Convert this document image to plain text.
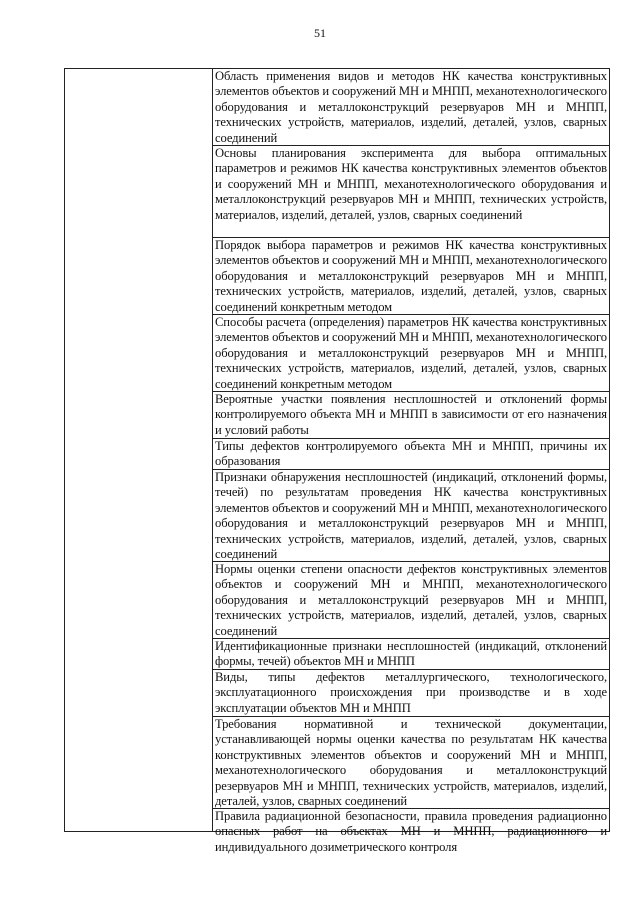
51
Область применения видов и методов НК качества конструктивных элементов объектов и сооружений МН и МНПП, механотехнологического оборудования и металлоконструкций резервуаров МН и МНПП, технических устройств, материалов, изделий, деталей, узлов, сварных соединений
Основы планирования эксперимента для выбора оптимальных параметров и режимов НК качества конструктивных элементов объектов и сооружений МН и МНПП, механотехнологического оборудования и металлоконструкций резервуаров МН и МНПП, технических устройств, материалов, изделий, деталей, узлов, сварных соединений
Порядок выбора параметров и режимов НК качества конструктивных элементов объектов и сооружений МН и МНПП, механотехнологического оборудования и металлоконструкций резервуаров МН и МНПП, технических устройств, материалов, изделий, деталей, узлов, сварных соединений конкретным методом
Способы расчета (определения) параметров НК качества конструктивных элементов объектов и сооружений МН и МНПП, механотехнологического оборудования и металлоконструкций резервуаров МН и МНПП, технических устройств, материалов, изделий, деталей, узлов, сварных соединений конкретным методом
Вероятные участки появления несплошностей и отклонений формы контролируемого объекта МН и МНПП в зависимости от его назначения и условий работы
Типы дефектов контролируемого объекта МН и МНПП, причины их образования
Признаки обнаружения несплошностей (индикаций, отклонений формы, течей) по результатам проведения НК качества конструктивных элементов объектов и сооружений МН и МНПП, механотехнологического оборудования и металлоконструкций резервуаров МН и МНПП, технических устройств, материалов, изделий, деталей, узлов, сварных соединений
Нормы оценки степени опасности дефектов конструктивных элементов объектов и сооружений МН и МНПП, механотехнологического оборудования и металлоконструкций резервуаров МН и МНПП, технических устройств, материалов, изделий, деталей, узлов, сварных соединений
Идентификационные признаки несплошностей (индикаций, отклонений формы, течей) объектов МН и МНПП
Виды, типы дефектов металлургического, технологического, эксплуатационного происхождения при производстве и в ходе эксплуатации объектов МН и МНПП
Требования нормативной и технической документации, устанавливающей нормы оценки качества по результатам НК качества конструктивных элементов объектов и сооружений МН и МНПП, механотехнологического оборудования и металлоконструкций резервуаров МН и МНПП, технических устройств, материалов, изделий, деталей, узлов, сварных соединений
Правила радиационной безопасности, правила проведения радиационно опасных работ на объектах МН и МНПП, радиационного и индивидуального дозиметрического контроля
